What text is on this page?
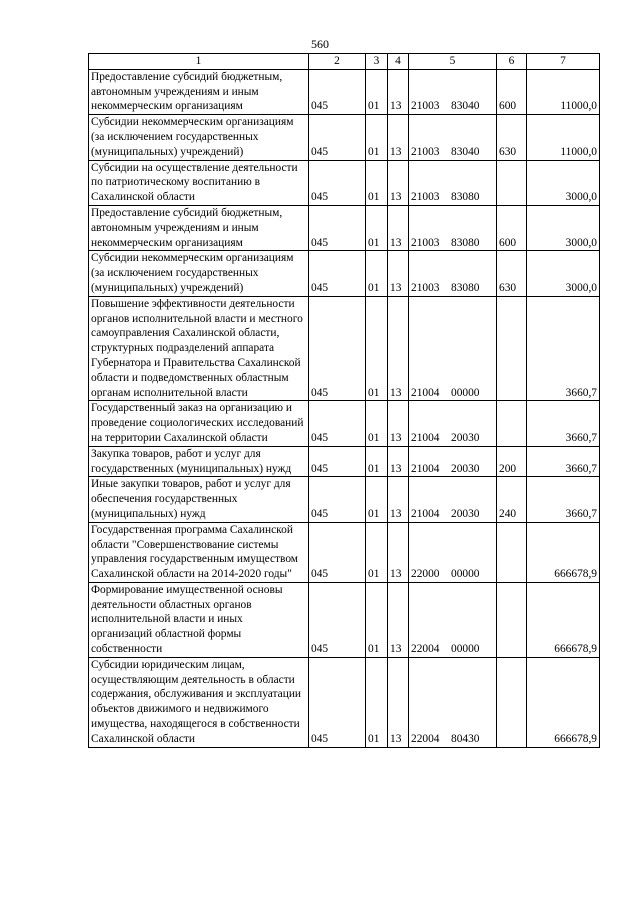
560
1	2	3	4	5	6	7
Предоставление субсидий бюджетным, автономным учреждениям и иным некоммерческим организациям	045	01	13	21003 83040	600	11000,0
Субсидии некоммерческим организациям (за исключением государственных (муниципальных) учреждений)	045	01	13	21003 83040	630	11000,0
Субсидии на осуществление деятельности по патриотическому воспитанию в Сахалинской области	045	01	13	21003 83080		3000,0
Предоставление субсидий бюджетным, автономным учреждениям и иным некоммерческим организациям	045	01	13	21003 83080	600	3000,0
Субсидии некоммерческим организациям (за исключением государственных (муниципальных) учреждений)	045	01	13	21003 83080	630	3000,0
Повышение эффективности деятельности органов исполнительной власти и местного самоуправления Сахалинской области, структурных подразделений аппарата Губернатора и Правительства Сахалинской области и подведомственных областным органам исполнительной власти	045	01	13	21004 00000		3660,7
Государственный заказ на организацию и проведение социологических исследований на территории Сахалинской области	045	01	13	21004 20030		3660,7
Закупка товаров, работ и услуг для государственных (муниципальных) нужд	045	01	13	21004 20030	200	3660,7
Иные закупки товаров, работ и услуг для обеспечения государственных (муниципальных) нужд	045	01	13	21004 20030	240	3660,7
Государственная программа Сахалинской области "Совершенствование системы управления государственным имуществом Сахалинской области на 2014-2020 годы"	045	01	13	22000 00000		666678,9
Формирование имущественной основы деятельности областных органов исполнительной власти и иных организаций областной формы собственности	045	01	13	22004 00000		666678,9
Субсидии юридическим лицам, осуществляющим деятельность в области содержания, обслуживания и эксплуатации объектов движимого и недвижимого имущества, находящегося в собственности Сахалинской области	045	01	13	22004 80430		666678,9
